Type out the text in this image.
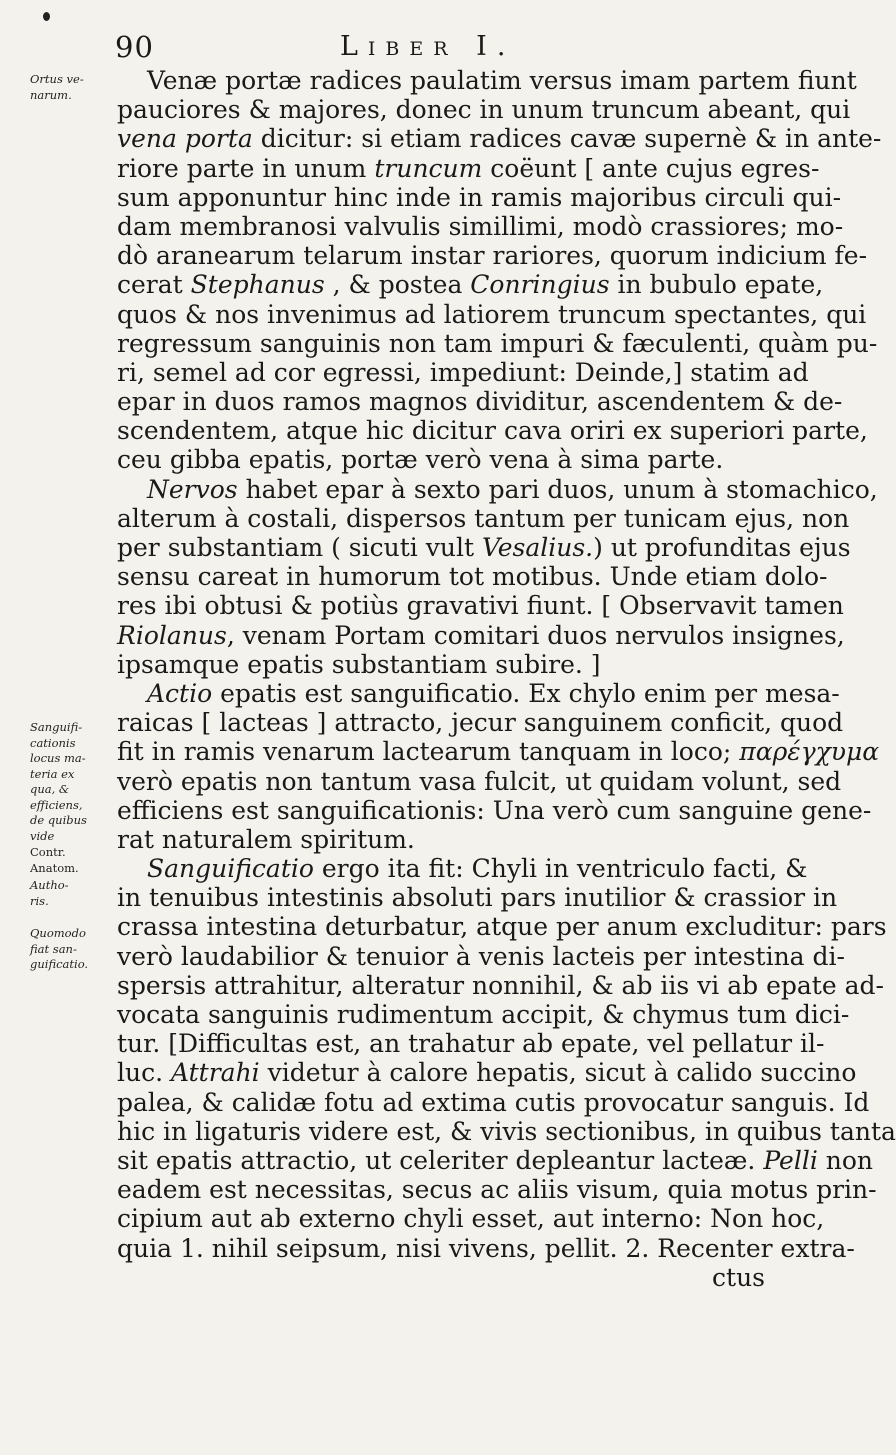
90	Liber I.
Ortus ve-
narum.
Sanguifi-
cationis
locus ma-
teria ex
qua, &
efficiens,
de quibus
vide
Contr.
Anatom.
Autho-
ris.
Quomodo
fiat san-
guificatio.
Venæ portæ radices paulatim versus imam partem fiunt
pauciores & majores, donec in unum truncum abeant, qui
vena porta dicitur: si etiam radices cavæ supernè & in ante-
riore parte in unum truncum coëunt [ ante cujus egres-
sum apponuntur hinc inde in ramis majoribus circuli qui-
dam membranosi valvulis simillimi, modò crassiores; mo-
dò aranearum telarum instar rariores, quorum indicium fe-
cerat Stephanus , & postea Conringius in bubulo epate,
quos & nos invenimus ad latiorem truncum spectantes, qui
regressum sanguinis non tam impuri & fæculenti, quàm pu-
ri, semel ad cor egressi, impediunt: Deinde,] statim ad
epar in duos ramos magnos dividitur, ascendentem & de-
scendentem, atque hic dicitur cava oriri ex superiori parte,
ceu gibba epatis, portæ verò vena à sima parte.
Nervos habet epar à sexto pari duos, unum à stomachico,
alterum à costali, dispersos tantum per tunicam ejus, non
per substantiam ( sicuti vult Vesalius.) ut profunditas ejus
sensu careat in humorum tot motibus. Unde etiam dolo-
res ibi obtusi & potiùs gravativi fiunt. [ Observavit tamen
Riolanus, venam Portam comitari duos nervulos insignes,
ipsamque epatis substantiam subire. ]
Actio epatis est sanguificatio. Ex chylo enim per mesa-
raicas [ lacteas ] attracto, jecur sanguinem conficit, quod
fit in ramis venarum lactearum tanquam in loco; παρέγχυμα
verò epatis non tantum vasa fulcit, ut quidam volunt, sed
efficiens est sanguificationis: Una verò cum sanguine gene-
rat naturalem spiritum.
Sanguificatio ergo ita fit: Chyli in ventriculo facti, &
in tenuibus intestinis absoluti pars inutilior & crassior in
crassa intestina deturbatur, atque per anum excluditur: pars
verò laudabilior & tenuior à venis lacteis per intestina di-
spersis attrahitur, alteratur nonnihil, & ab iis vi ab epate ad-
vocata sanguinis rudimentum accipit, & chymus tum dici-
tur. [Difficultas est, an trahatur ab epate, vel pellatur il-
luc. Attrahi videtur à calore hepatis, sicut à calido succino
palea, & calidæ fotu ad extima cutis provocatur sanguis. Id
hic in ligaturis videre est, & vivis sectionibus, in quibus tanta
sit epatis attractio, ut celeriter depleantur lacteæ. Pelli non
eadem est necessitas, secus ac aliis visum, quia motus prin-
cipium aut ab externo chyli esset, aut interno: Non hoc,
quia 1. nihil seipsum, nisi vivens, pellit. 2. Recenter extra-
ctus
